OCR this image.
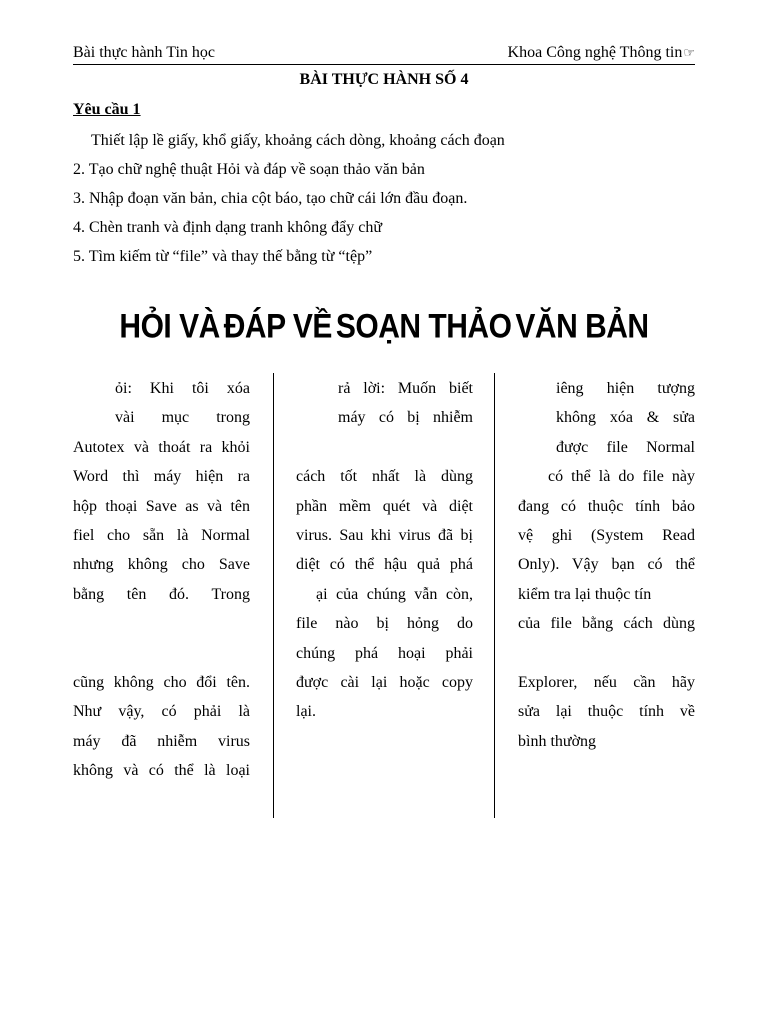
Bài thực hành Tin học	Khoa Công nghệ Thông tin☞
BÀI THỰC HÀNH SỐ 4
Yêu cầu 1
Thiết lập lề giấy, khổ giấy, khoảng cách dòng, khoảng cách đoạn
2. Tạo chữ nghệ thuật Hỏi và đáp về soạn thảo văn bản
3. Nhập đoạn văn bản, chia cột báo, tạo chữ cái lớn đầu đoạn.
4. Chèn tranh và định dạng tranh không đẩy chữ
5. Tìm kiếm từ “file” và thay thế bằng từ “tệp”
HỎI VÀ ĐÁP VỀ SOẠN THẢO VĂN BẢN

ỏi: Khi tôi xóa

vài mục trong

Autotex và thoát ra khỏi

Word thì máy hiện ra

hộp thoại Save as và tên

fiel cho sẵn là Normal

nhưng không cho Save

bằng tên đó. Trong

cũng không cho đổi tên.

Như vậy, có phải là

máy đã nhiễm virus

không và có thể là loại

rả lời: Muốn biết

máy có bị nhiễm

cách tốt nhất là dùng

phần mềm quét và diệt

virus. Sau khi virus đã bị

diệt có thể hậu quả phá

ại của chúng vẫn còn,

file nào bị hỏng do

chúng phá hoại phải

được cài lại hoặc copy

lại.

iêng hiện tượng

không xóa & sửa

được file Normal

có thể là do file này

đang có thuộc tính bảo

vệ ghi (System Read

Only). Vậy bạn có thể

kiểm tra lại thuộc tín

của file bằng cách dùng

Explorer, nếu cần hãy

sửa lại thuộc tính về

bình thường
